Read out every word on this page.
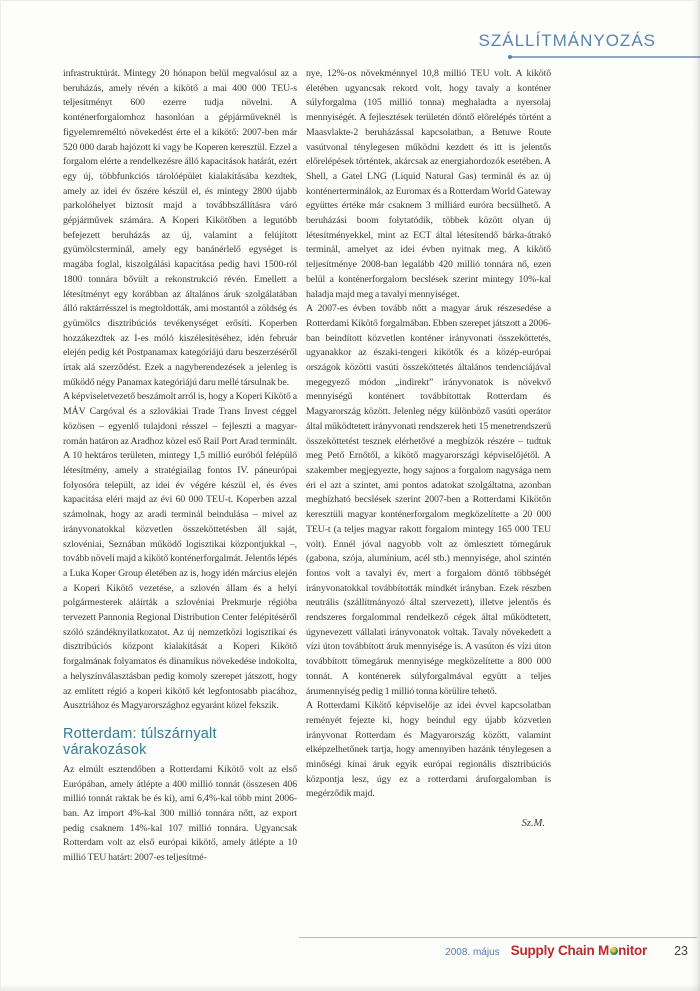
SZÁLLÍTMÁNYOZÁS

infrastruktúrát. Mintegy 20 hónapon belül megvalósul az a beruházás, amely révén a kikötő a mai 400 000 TEU-s teljesítményt 600 ezerre tudja növelni. A konténerforgalomhoz hasonlóan a gépjárműveknél is figyelemreméltó növekedést érte el a kikötő: 2007-ben már 520 000 darab hajózott ki vagy be Koperen keresztül. Ezzel a forgalom elérte a rendelkezésre álló kapacitások határát, ezért egy új, többfunkciós tárolóépület kialakításába kezdtek, amely az idei év őszére készül el, és mintegy 2800 újabb parkolóhelyet biztosít majd a továbbszállításra váró gépjárművek számára. A Koperi Kikötőben a legutóbb befejezett beruházás az új, valamint a felújított gyümölcsterminál, amely egy banánérlelő egységet is magába foglal, kiszolgálási kapacitása pedig havi 1500-ról 1800 tonnára bővült a rekonstrukció révén. Emellett a létesítményt egy korábban az általános áruk szolgálatában álló raktárrésszel is megtoldották, ami mostantól a zöldség és gyümölcs disztribúciós tevékenységet erősíti. Koperben hozzákezdtek az I-es móló kiszélesítéséhez, idén február elején pedig két Postpanamax kategóriájú daru beszerzéséről írtak alá szerződést. Ezek a nagyberendezések a jelenleg is működő négy Panamax kategóriájú daru mellé társulnak be.

A képviseletvezető beszámolt arról is, hogy a Koperi Kikötő a MÁV Cargóval és a szlovákiai Trade Trans Invest céggel közösen – egyenlő tulajdoni résszel – fejleszti a magyar-román határon az Aradhoz közel eső Rail Port Arad terminált. A 10 hektáros területen, mintegy 1,5 millió euróból felépülő létesítmény, amely a stratégiailag fontos IV. páneurópai folyosóra települt, az idei év végére készül el, és éves kapacitása eléri majd az évi 60 000 TEU-t. Koperben azzal számolnak, hogy az aradi terminál beindulása – mivel az irányvonatokkal közvetlen összeköttetésben áll saját, szlovéniai, Seznában működő logisztikai központjukkal –, tovább növeli majd a kikötő konténerforgalmát. Jelentős lépés a Luka Koper Group életében az is, hogy idén március elején a Koperi Kikötő vezetése, a szlovén állam és a helyi polgármesterek aláírták a szlovéniai Prekmurje régióba tervezett Pannonia Regional Distribution Center felépítéséről szóló szándéknyilatkozatot. Az új nemzetközi logisztikai és disztribúciós központ kialakítását a Koperi Kikötő forgalmának folyamatos és dinamikus növekedése indokolta, a helyszínválasztásban pedig komoly szerepet játszott, hogy az említett régió a koperi kikötő két legfontosabb piacához, Ausztriához és Magyarországhoz egyaránt közel fekszik.

Rotterdam: túlszárnyalt várakozások

Az elmúlt esztendőben a Rotterdami Kikötő volt az első Európában, amely átlépte a 400 millió tonnát (összesen 406 millió tonnát raktak be és ki), ami 6,4%-kal több mint 2006-ban. Az import 4%-kal 300 millió tonnára nőtt, az export pedig csaknem 14%-kal 107 millió tonnára. Ugyancsak Rotterdam volt az első európai kikötő, amely átlépte a 10 millió TEU határt: 2007-es teljesítmé-

nye, 12%-os növekménnyel 10,8 millió TEU volt. A kikötő életében ugyancsak rekord volt, hogy tavaly a konténer súlyforgalma (105 millió tonna) meghaladta a nyersolaj mennyiségét. A fejlesztések területén döntő előrelépés történt a Maasvlakte-2 beruházással kapcsolatban, a Betuwe Route vasútvonal ténylegesen működni kezdett és itt is jelentős előrelépések történtek, akárcsak az energiahordozók esetében. A Shell, a Gatel LNG (Liquid Natural Gas) terminál és az új konténerterminálok, az Euromax és a Rotterdam World Gateway együttes értéke már csaknem 3 milliárd euróra becsülhető. A beruházási boom folytatódik, többek között olyan új létesítményekkel, mint az ECT által létesítendő bárka-átrakó terminál, amelyet az idei évben nyitnak meg. A kikötő teljesítménye 2008-ban legalább 420 millió tonnára nő, ezen belül a konténerforgalom becslések szerint mintegy 10%-kal haladja majd meg a tavalyi mennyiséget.

A 2007-es évben tovább nőtt a magyar áruk részesedése a Rotterdami Kikötő forgalmában. Ebben szerepet játszott a 2006-ban beindított közvetlen konténer irányvonati összeköttetés, ugyanakkor az északi-tengeri kikötők és a közép-európai országok közötti vasúti összeköttetés általános tendenciájával megegyező módon „indirekt” irányvonatok is növekvő mennyiségű konténert továbbítottak Rotterdam és Magyarország között. Jelenleg négy különböző vasúti operátor által működtetett irányvonati rendszerek heti 15 menetrendszerű összeköttetést tesznek elérhetővé a megbízók részére – tudtuk meg Pető Ernőtől, a kikötő magyarországi képviselőjétől. A szakember megjegyezte, hogy sajnos a forgalom nagysága nem éri el azt a szintet, ami pontos adatokat szolgáltatna, azonban megbízható becslések szerint 2007-ben a Rotterdami Kikötőn keresztüli magyar konténerforgalom megközelítette a 20 000 TEU-t (a teljes magyar rakott forgalom mintegy 165 000 TEU volt). Ennél jóval nagyobb volt az ömlesztett tömegáruk (gabona, szója, alumínium, acél stb.) mennyisége, ahol szintén fontos volt a tavalyi év, mert a forgalom döntő többségét irányvonatokkal továbbították mindkét irányban. Ezek részben neutrális (szállítmányozó által szervezett), illetve jelentős és rendszeres forgalommal rendelkező cégek által működtetett, úgynevezett vállalati irányvonatok voltak. Tavaly növekedett a vízi úton továbbított áruk mennyisége is. A vasúton és vízi úton továbbított tömegáruk mennyisége megközelítette a 800 000 tonnát. A konténerek súlyforgalmával együtt a teljes árumennyiség pedig 1 millió tonna körülire tehető.

A Rotterdami Kikötő képviselője az idei évvel kapcsolatban reményét fejezte ki, hogy beindul egy újabb közvetlen irányvonat Rotterdam és Magyarország között, valamint elképzelhetőnek tartja, hogy amennyiben hazánk ténylegesen a minőségi kínai áruk egyik európai regionális disztribúciós központja lesz, úgy ez a rotterdami áruforgalomban is megérződik majd.

Sz.M.
2008. május Supply Chain M nitor 23
